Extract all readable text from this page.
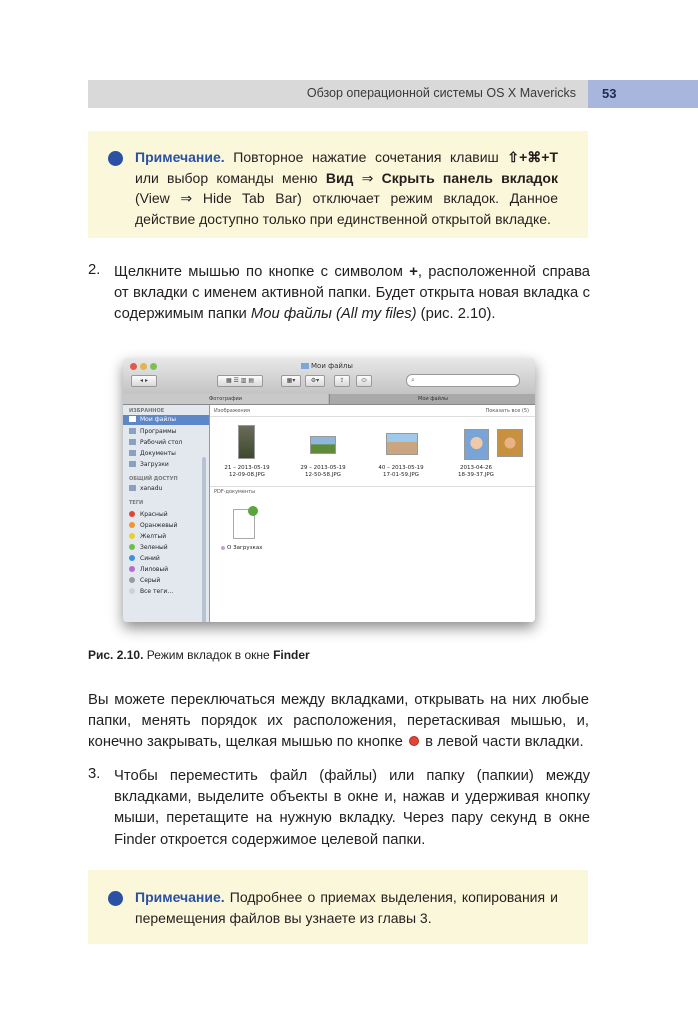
Обзор операционной системы OS X Mavericks 53
Примечание. Повторное нажатие сочетания клавиш ⇧+⌘+T или выбор команды меню Вид ⇒ Скрыть панель вкладок (View ⇒ Hide Tab Bar) отключает режим вкладок. Данное действие доступно только при единственной открытой вкладке.
2. Щелкните мышью по кнопке с символом +, расположенной справа от вкладки с именем активной папки. Будет открыта новая вкладка с содержимым папки Мои файлы (All my files) (рис. 2.10).
Мои файлы
◂ ▸	▦ ☰ ▥ ▤	▦▾	⚙▾	⇪	⬭	⌕
Фотографии	Мои файлы
ИЗБРАННОЕ
Мои файлы
Программы
Рабочий стол
Документы
Загрузки
ОБЩИЙ ДОСТУП
xanadu
ТЕГИ
Красный
Оранжевый
Желтый
Зеленый
Синий
Лиловый
Серый
Все теги…
Изображения	Показать все (5)
21 – 2013-05-19
12-09-08.JPG
29 – 2013-05-19
12-50-58.JPG
40 – 2013-05-19
17-01-59.JPG
2013-04-26
18-39-37.JPG
PDF-документы
О Загрузках
Рис. 2.10. Режим вкладок в окне Finder
Вы можете переключаться между вкладками, открывать на них любые папки, менять порядок их расположения, перетаскивая мышью, и, конечно закрывать, щелкая мышью по кнопке в левой части вкладки.
3. Чтобы переместить файл (файлы) или папку (папкии) между вкладками, выделите объекты в окне и, нажав и удерживая кнопку мыши, перетащите на нужную вкладку. Через пару секунд в окне Finder откроется содержимое целевой папки.
Примечание. Подробнее о приемах выделения, копирования и перемещения файлов вы узнаете из главы 3.
